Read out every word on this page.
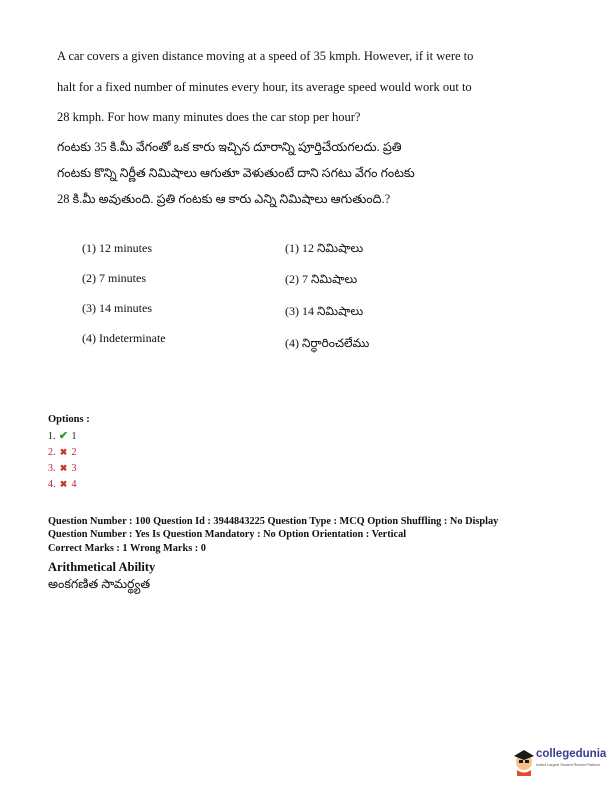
A car covers a given distance moving at a speed of 35 kmph. However, if it were to
halt for a fixed number of minutes every hour, its average speed would work out to
28 kmph. For how many minutes does the car stop per hour?
గంటకు 35 కి.మీ వేగంతో ఒక కారు ఇచ్చిన దూరాన్ని పూర్తిచేయగలదు. ప్రతి
గంటకు కొన్ని నిర్ణీత నిమిషాలు ఆగుతూ వెళుతుంటే దాని సగటు వేగం గంటకు
28 కి.మీ అవుతుంది. ప్రతి గంటకు ఆ కారు ఎన్ని నిమిషాలు ఆగుతుంది.?
(1) 12 minutes	(1) 12 నిమిషాలు
(2) 7 minutes	(2) 7 నిమిషాలు
(3) 14 minutes	(3) 14 నిమిషాలు
(4) Indeterminate	(4) నిర్ధారించలేము
Options :
1. ✔ 1
2. ✖ 2
3. ✖ 3
4. ✖ 4
Question Number : 100 Question Id : 3944843225 Question Type : MCQ Option Shuffling : No Display
Question Number : Yes Is Question Mandatory : No Option Orientation : Vertical
Correct Marks : 1 Wrong Marks : 0
Arithmetical Ability
అంకగణిత సామర్థ్యత
collegedunia
India's Largest Student Review Platform
